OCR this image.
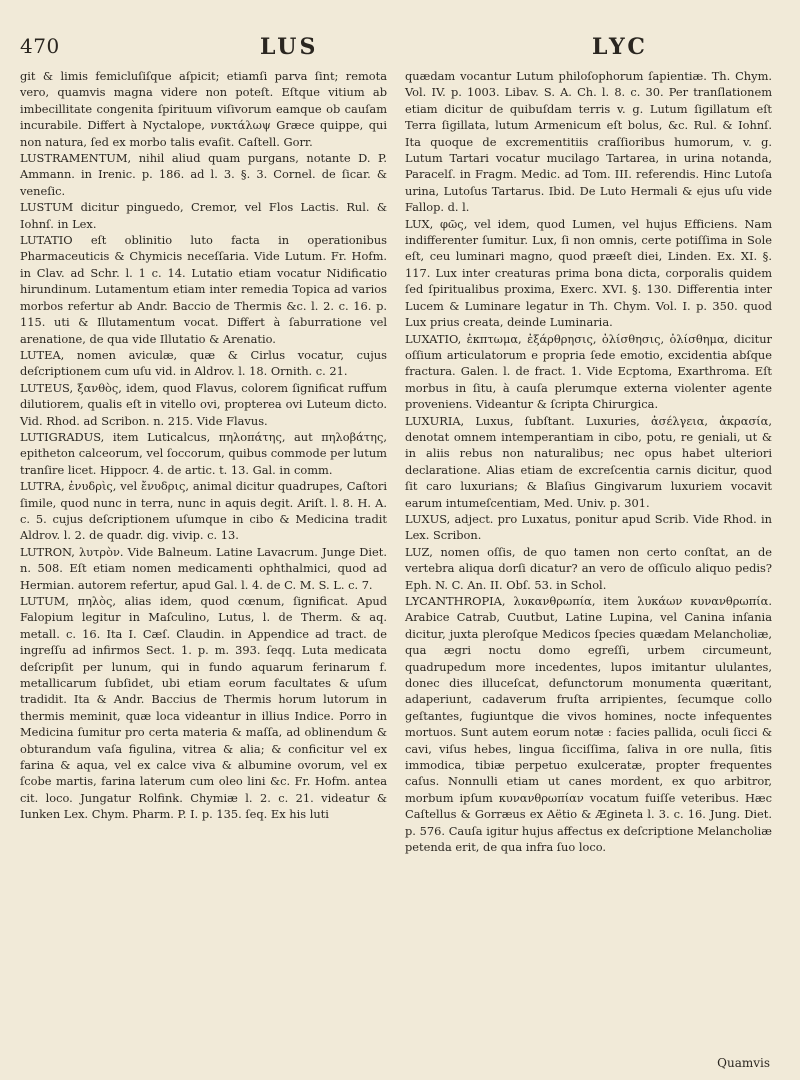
470	LUS	LYC

git & limis femicluſiſque aſpicit; etiamſi parva ſint; remota vero, quamvis magna videre non poteſt. Eſtque vitium ab imbecillitate congenita ſpirituum viſivorum eamque ob cauſam incurabile. Differt à Nyctalope, νυκτάλωψ Græce quippe, qui non natura, ſed ex morbo talis evaſit. Caſtell. Gorr.

LUSTRAMENTUM, nihil aliud quam purgans, notante D. P. Ammann. in Irenic. p. 186. ad l. 3. §. 3. Cornel. de ſicar. & veneſic.

LUSTUM dicitur pinguedo, Cremor, vel Flos Lactis. Rul. & Iohnſ. in Lex.

LUTATIO eſt oblinitio luto facta in operationibus Pharmaceuticis & Chymicis neceſſaria. Vide Lutum. Fr. Hofm. in Clav. ad Schr. l. 1 c. 14. Lutatio etiam vocatur Nidificatio hirundinum. Lutamentum etiam inter remedia Topica ad varios morbos refertur ab Andr. Baccio de Thermis &c. l. 2. c. 16. p. 115. uti & Illutamentum vocat. Differt à ſaburratione vel arenatione, de qua vide Illutatio & Arenatio.

LUTEA, nomen aviculæ, quæ & Cirlus vocatur, cujus deſcriptionem cum uſu vid. in Aldrov. l. 18. Ornith. c. 21.

LUTEUS, ξανθὸς, idem, quod Flavus, colorem ſignificat ruffum dilutiorem, qualis eſt in vitello ovi, propterea ovi Luteum dicto. Vid. Rhod. ad Scribon. n. 215. Vide Flavus.

LUTIGRADUS, item Luticalcus, πηλοπάτης, aut πηλοβάτης, epitheton calceorum, vel ſoccorum, quibus commode per lutum tranſire licet. Hippocr. 4. de artic. t. 13. Gal. in comm.

LUTRA, ἐνυδρὶς, vel ἔνυδρις, animal dicitur quadrupes, Caſtori ſimile, quod nunc in terra, nunc in aquis degit. Ariſt. l. 8. H. A. c. 5. cujus deſcriptionem uſumque in cibo & Medicina tradit Aldrov. l. 2. de quadr. dig. vivip. c. 13.

LUTRON, λυτρὸν. Vide Balneum. Latine Lavacrum. Junge Diet. n. 508. Eſt etiam nomen medicamenti ophthalmici, quod ad Hermian. autorem refertur, apud Gal. l. 4. de C. M. S. L. c. 7.

LUTUM, πηλὸς, alias idem, quod cœnum, ſignificat. Apud Falopium legitur in Maſculino, Lutus, l. de Therm. & aq. metall. c. 16. Ita I. Cæſ. Claudin. in Appendice ad tract. de ingreſſu ad infirmos Sect. 1. p. m. 393. ſeqq. Luta medicata deſcripſit per lunum, qui in fundo aquarum ferinarum f. metallicarum ſubſidet, ubi etiam eorum facultates & uſum tradidit. Ita & Andr. Baccius de Thermis horum lutorum in thermis meminit, quæ loca videantur in illius Indice. Porro in Medicina ſumitur pro certa materia & maſſa, ad oblinendum & obturandum vaſa figulina, vitrea & alia; & conficitur vel ex farina & aqua, vel ex calce viva & albumine ovorum, vel ex ſcobe martis, farina laterum cum oleo lini &c. Fr. Hofm. antea cit. loco. Jungatur Rolfink. Chymiæ l. 2. c. 21. videatur & Iunken Lex. Chym. Pharm. P. I. p. 135. ſeq. Ex his luti

quædam vocantur Lutum philoſophorum ſapientiæ. Th. Chym. Vol. IV. p. 1003. Libav. S. A. Ch. l. 8. c. 30. Per tranſlationem etiam dicitur de quibuſdam terris v. g. Lutum ſigillatum eſt Terra ſigillata, lutum Armenicum eſt bolus, &c. Rul. & Iohnſ. Ita quoque de excrementitiis craſſioribus humorum, v. g. Lutum Tartari vocatur mucilago Tartarea, in urina notanda, Paracelſ. in Fragm. Medic. ad Tom. III. referendis. Hinc Lutoſa urina, Lutoſus Tartarus. Ibid. De Luto Hermali & ejus uſu vide Fallop. d. l.

LUX, φῶς, vel idem, quod Lumen, vel hujus Efficiens. Nam indifferenter ſumitur. Lux, ſi non omnis, certe potiſſima in Sole eſt, ceu luminari magno, quod præeſt diei, Linden. Ex. XI. §. 117. Lux inter creaturas prima bona dicta, corporalis quidem ſed ſpiritualibus proxima, Exerc. XVI. §. 130. Differentia inter Lucem & Luminare legatur in Th. Chym. Vol. I. p. 350. quod Lux prius creata, deinde Luminaria.

LUXATIO, ἐκπτωμα, ἐξάρθρησις, ὀλίσθησις, ὀλίσθημα, dicitur oſſium articulatorum e propria ſede emotio, excidentia abſque fractura. Galen. l. de fract. 1. Vide Ecptoma, Exarthroma. Eſt morbus in ſitu, à cauſa plerumque externa violenter agente proveniens. Videantur & ſcripta Chirurgica.

LUXURIA, Luxus, ſubſtant. Luxuries, ἀσέλγεια, ἀκρασία, denotat omnem intemperantiam in cibo, potu, re geniali, ut & in aliis rebus non naturalibus; nec opus habet ulteriori declaratione. Alias etiam de excreſcentia carnis dicitur, quod ſit caro luxurians; & Blaſius Gingivarum luxuriem vocavit earum intumeſcentiam, Med. Univ. p. 301.

LUXUS, adject. pro Luxatus, ponitur apud Scrib. Vide Rhod. in Lex. Scribon.

LUZ, nomen oſſis, de quo tamen non certo conſtat, an de vertebra aliqua dorſi dicatur? an vero de oſſiculo aliquo pedis? Eph. N. C. An. II. Obſ. 53. in Schol.

LYCANTHROPIA, λυκανθρωπία, item λυκάων κυνανθρωπία. Arabice Catrab, Cuutbut, Latine Lupina, vel Canina inſania dicitur, juxta pleroſque Medicos ſpecies quædam Melancholiæ, qua ægri noctu domo egreſſi, urbem circumeunt, quadrupedum more incedentes, lupos imitantur ululantes, donec dies illuceſcat, defunctorum monumenta quæritant, adaperiunt, cadaverum fruſta arripientes, ſecumque collo geſtantes, fugiuntque die vivos homines, nocte infequentes mortuos. Sunt autem eorum notæ : facies pallida, oculi ſicci & cavi, viſus hebes, lingua ſicciſſima, ſaliva in ore nulla, ſitis immodica, tibiæ perpetuo exulceratæ, propter frequentes caſus. Nonnulli etiam ut canes mordent, ex quo arbitror, morbum ipſum κυνανθρωπίαν vocatum fuiſſe veteribus. Hæc Caſtellus & Gorræus ex Aëtio & Ægineta l. 3. c. 16. Jung. Diet. p. 576. Cauſa igitur hujus affectus ex deſcriptione Melancholiæ petenda erit, de qua infra ſuo loco.

Quamvis
